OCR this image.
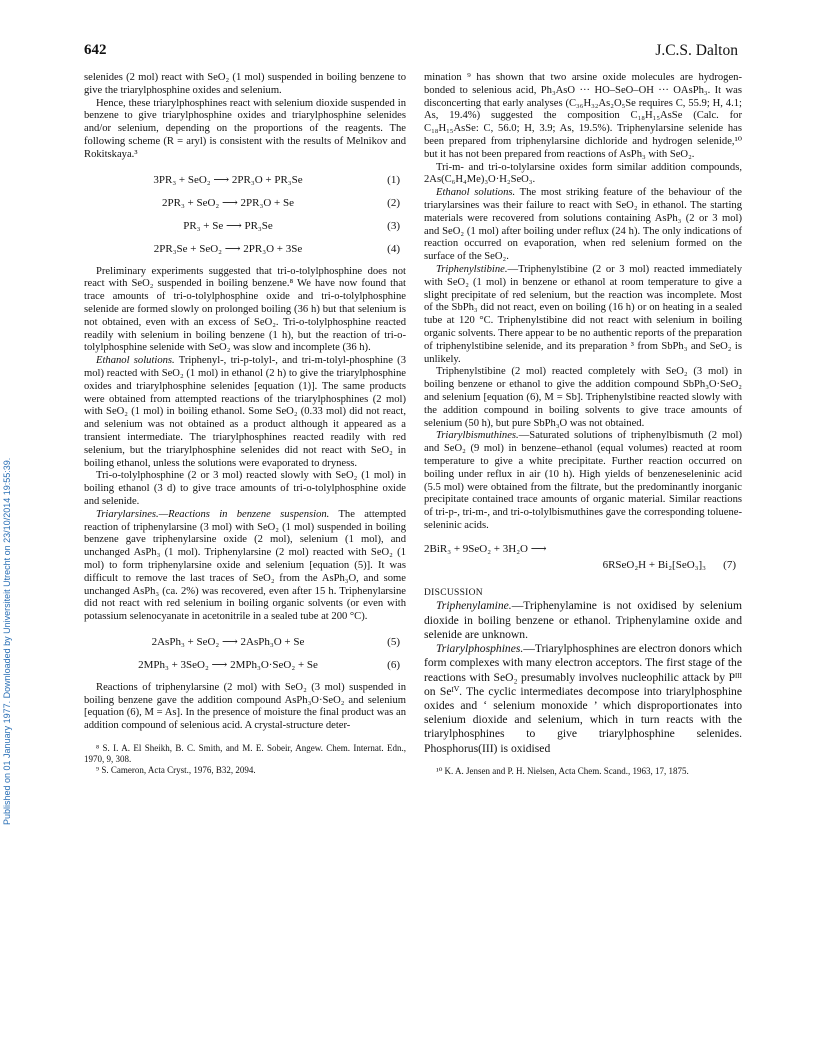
642	J.C.S. Dalton
Published on 01 January 1977. Downloaded by Universiteit Utrecht on 23/10/2014 19:55:39.

selenides (2 mol) react with SeO₂ (1 mol) suspended in boiling benzene to give the triarylphosphine oxides and selenium.

Hence, these triarylphosphines react with selenium dioxide suspended in benzene to give triarylphosphine oxides and triarylphosphine selenides and/or selenium, depending on the proportions of the reagents. The following scheme (R = aryl) is consistent with the results of Melnikov and Rokitskaya.³

3PR₃ + SeO₂ ⟶ 2PR₃O + PR₃Se	(1)
2PR₃ + SeO₂ ⟶ 2PR₃O + Se	(2)
PR₃ + Se ⟶ PR₃Se	(3)
2PR₃Se + SeO₂ ⟶ 2PR₃O + 3Se	(4)

Preliminary experiments suggested that tri-o-tolylphosphine does not react with SeO₂ suspended in boiling benzene.⁸ We have now found that trace amounts of tri-o-tolylphosphine oxide and tri-o-tolylphosphine selenide are formed slowly on prolonged boiling (36 h) but that selenium is not obtained, even with an excess of SeO₂. Tri-o-tolylphosphine reacted readily with selenium in boiling benzene (1 h), but the reaction of tri-o-tolylphosphine selenide with SeO₂ was slow and incomplete (36 h).

Ethanol solutions. Triphenyl-, tri-p-tolyl-, and tri-m-tolyl-phosphine (3 mol) reacted with SeO₂ (1 mol) in ethanol (2 h) to give the triarylphosphine oxides and triarylphosphine selenides [equation (1)]. The same products were obtained from attempted reactions of the triarylphosphines (2 mol) with SeO₂ (1 mol) in boiling ethanol. Some SeO₂ (0.33 mol) did not react, and selenium was not obtained as a product although it appeared as a transient intermediate. The triarylphosphines reacted readily with red selenium, but the triarylphosphine selenides did not react with SeO₂ in boiling ethanol, unless the solutions were evaporated to dryness.

Tri-o-tolylphosphine (2 or 3 mol) reacted slowly with SeO₂ (1 mol) in boiling ethanol (3 d) to give trace amounts of tri-o-tolylphosphine oxide and selenide.

Triarylarsines.—Reactions in benzene suspension. The attempted reaction of triphenylarsine (3 mol) with SeO₂ (1 mol) suspended in boiling benzene gave triphenylarsine oxide (2 mol), selenium (1 mol), and unchanged AsPh₃ (1 mol). Triphenylarsine (2 mol) reacted with SeO₂ (1 mol) to form triphenylarsine oxide and selenium [equation (5)]. It was difficult to remove the last traces of SeO₂ from the AsPh₃O, and some unchanged AsPh₃ (ca. 2%) was recovered, even after 15 h. Triphenylarsine did not react with red selenium in boiling organic solvents (or even with potassium selenocyanate in acetonitrile in a sealed tube at 200 °C).

2AsPh₃ + SeO₂ ⟶ 2AsPh₃O + Se	(5)
2MPh₃ + 3SeO₂ ⟶ 2MPh₃O·SeO₂ + Se	(6)

Reactions of triphenylarsine (2 mol) with SeO₂ (3 mol) suspended in boiling benzene gave the addition compound AsPh₃O·SeO₂ and selenium [equation (6), M = As]. In the presence of moisture the final product was an addition compound of selenious acid. A crystal-structure deter-

⁸ S. I. A. El Sheikh, B. C. Smith, and M. E. Sobeir, Angew. Chem. Internat. Edn., 1970, 9, 308.

⁹ S. Cameron, Acta Cryst., 1976, B32, 2094.

mination ⁹ has shown that two arsine oxide molecules are hydrogen-bonded to selenious acid, Ph₃AsO ··· HO–SeO–OH ··· OAsPh₃. It was disconcerting that early analyses (C₃₆H₃₂As₂O₅Se requires C, 55.9; H, 4.1; As, 19.4%) suggested the composition C₁₈H₁₅AsSe (Calc. for C₁₈H₁₅AsSe: C, 56.0; H, 3.9; As, 19.5%). Triphenylarsine selenide has been prepared from triphenylarsine dichloride and hydrogen selenide,¹⁰ but it has not been prepared from reactions of AsPh₃ with SeO₂.

Tri-m- and tri-o-tolylarsine oxides form similar addition compounds, 2As(C₆H₄Me)₃O·H₂SeO₃.

Ethanol solutions. The most striking feature of the behaviour of the triarylarsines was their failure to react with SeO₂ in ethanol. The starting materials were recovered from solutions containing AsPh₃ (2 or 3 mol) and SeO₂ (1 mol) after boiling under reflux (24 h). The only indications of reaction occurred on evaporation, when red selenium formed on the surface of the SeO₂.

Triphenylstibine.—Triphenylstibine (2 or 3 mol) reacted immediately with SeO₂ (1 mol) in benzene or ethanol at room temperature to give a slight precipitate of red selenium, but the reaction was incomplete. Most of the SbPh₃ did not react, even on boiling (16 h) or on heating in a sealed tube at 120 °C. Triphenylstibine did not react with selenium in boiling organic solvents. There appear to be no authentic reports of the preparation of triphenylstibine selenide, and its preparation ³ from SbPh₃ and SeO₂ is unlikely.

Triphenylstibine (2 mol) reacted completely with SeO₂ (3 mol) in boiling benzene or ethanol to give the addition compound SbPh₃O·SeO₂ and selenium [equation (6), M = Sb]. Triphenylstibine reacted slowly with the addition compound in boiling solvents to give trace amounts of selenium (50 h), but pure SbPh₃O was not obtained.

Triarylbismuthines.—Saturated solutions of triphenylbismuth (2 mol) and SeO₂ (9 mol) in benzene–ethanol (equal volumes) reacted at room temperature to give a white precipitate. Further reaction occurred on boiling under reflux in air (10 h). High yields of benzeneseleninic acid (5.5 mol) were obtained from the filtrate, but the predominantly inorganic precipitate contained trace amounts of organic material. Similar reactions of tri-p-, tri-m-, and tri-o-tolylbismuthines gave the corresponding toluene-seleninic acids.

2BiR₃ + 9SeO₂ + 3H₂O ⟶
6RSeO₂H + Bi₂[SeO₃]₃ (7)

DISCUSSION

Triphenylamine.—Triphenylamine is not oxidised by selenium dioxide in boiling benzene or ethanol. Triphenylamine oxide and selenide are unknown.

Triarylphosphines.—Triarylphosphines are electron donors which form complexes with many electron acceptors. The first stage of the reactions with SeO₂ presumably involves nucleophilic attack by Pᴵᴵᴵ on Seᴵⱽ. The cyclic intermediates decompose into triarylphosphine oxides and ‘ selenium monoxide ’ which disproportionates into selenium dioxide and selenium, which in turn reacts with the triarylphosphines to give triarylphosphine selenides. Phosphorus(III) is oxidised

¹⁰ K. A. Jensen and P. H. Nielsen, Acta Chem. Scand., 1963, 17, 1875.
